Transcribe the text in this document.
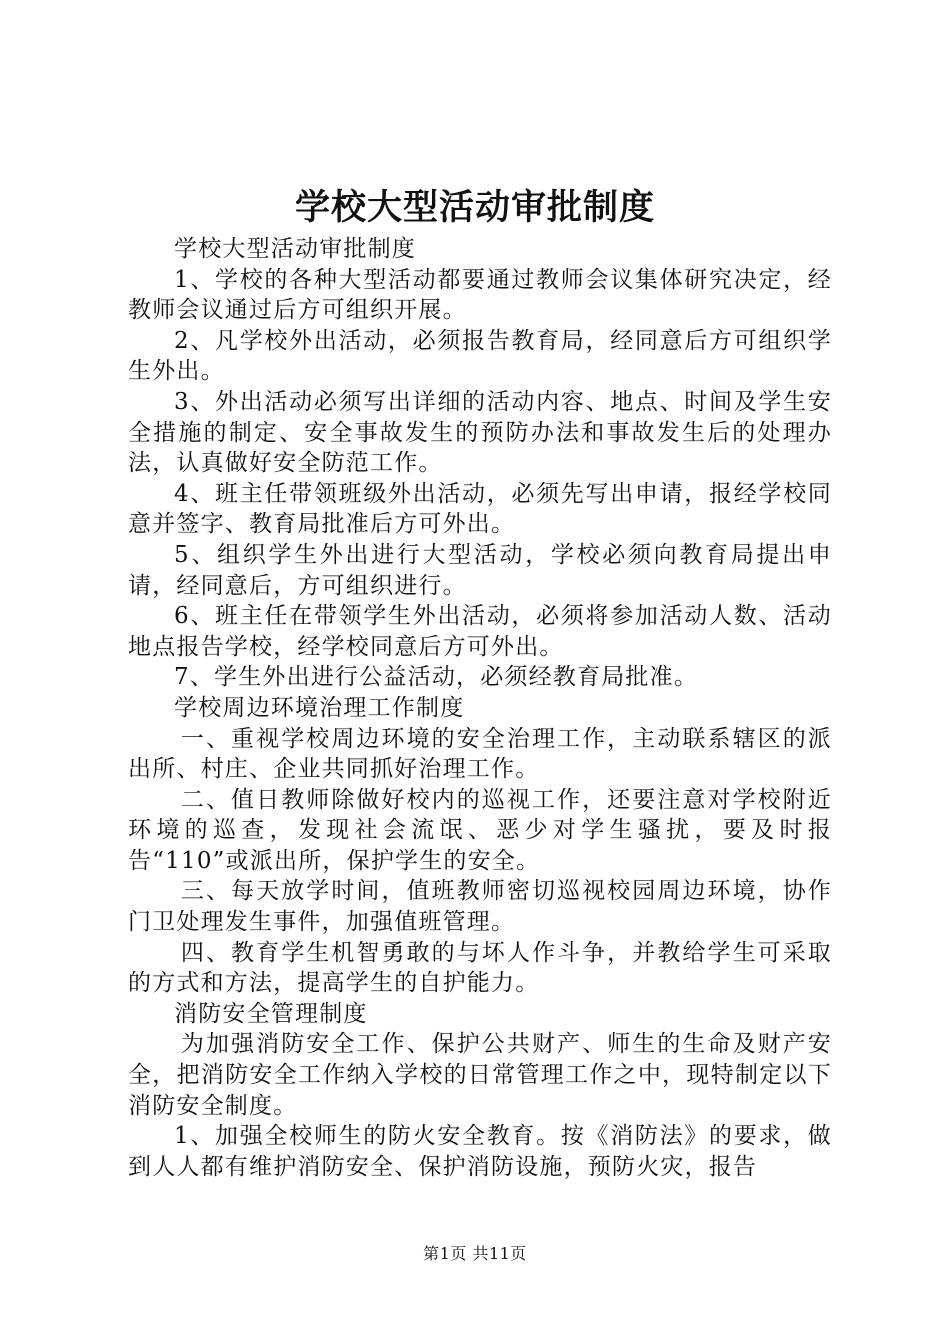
学校大型活动审批制度

学校大型活动审批制度

1、学校的各种大型活动都要通过教师会议集体研究决定，经教师会议通过后方可组织开展。

2、凡学校外出活动，必须报告教育局，经同意后方可组织学生外出。

3、外出活动必须写出详细的活动内容、地点、时间及学生安全措施的制定、安全事故发生的预防办法和事故发生后的处理办法，认真做好安全防范工作。

4、班主任带领班级外出活动，必须先写出申请，报经学校同意并签字、教育局批准后方可外出。

5、组织学生外出进行大型活动，学校必须向教育局提出申请，经同意后，方可组织进行。

6、班主任在带领学生外出活动，必须将参加活动人数、活动地点报告学校，经学校同意后方可外出。

7、学生外出进行公益活动，必须经教育局批准。

学校周边环境治理工作制度

一、重视学校周边环境的安全治理工作，主动联系辖区的派出所、村庄、企业共同抓好治理工作。

二、值日教师除做好校内的巡视工作，还要注意对学校附近环境的巡查，发现社会流氓、恶少对学生骚扰，要及时报告“110”或派出所，保护学生的安全。

三、每天放学时间，值班教师密切巡视校园周边环境，协作门卫处理发生事件，加强值班管理。

四、教育学生机智勇敢的与坏人作斗争，并教给学生可采取的方式和方法，提高学生的自护能力。

消防安全管理制度

为加强消防安全工作、保护公共财产、师生的生命及财产安全，把消防安全工作纳入学校的日常管理工作之中，现特制定以下消防安全制度。

1、加强全校师生的防火安全教育。按《消防法》的要求，做到人人都有维护消防安全、保护消防设施，预防火灾，报告

第1页 共11页
